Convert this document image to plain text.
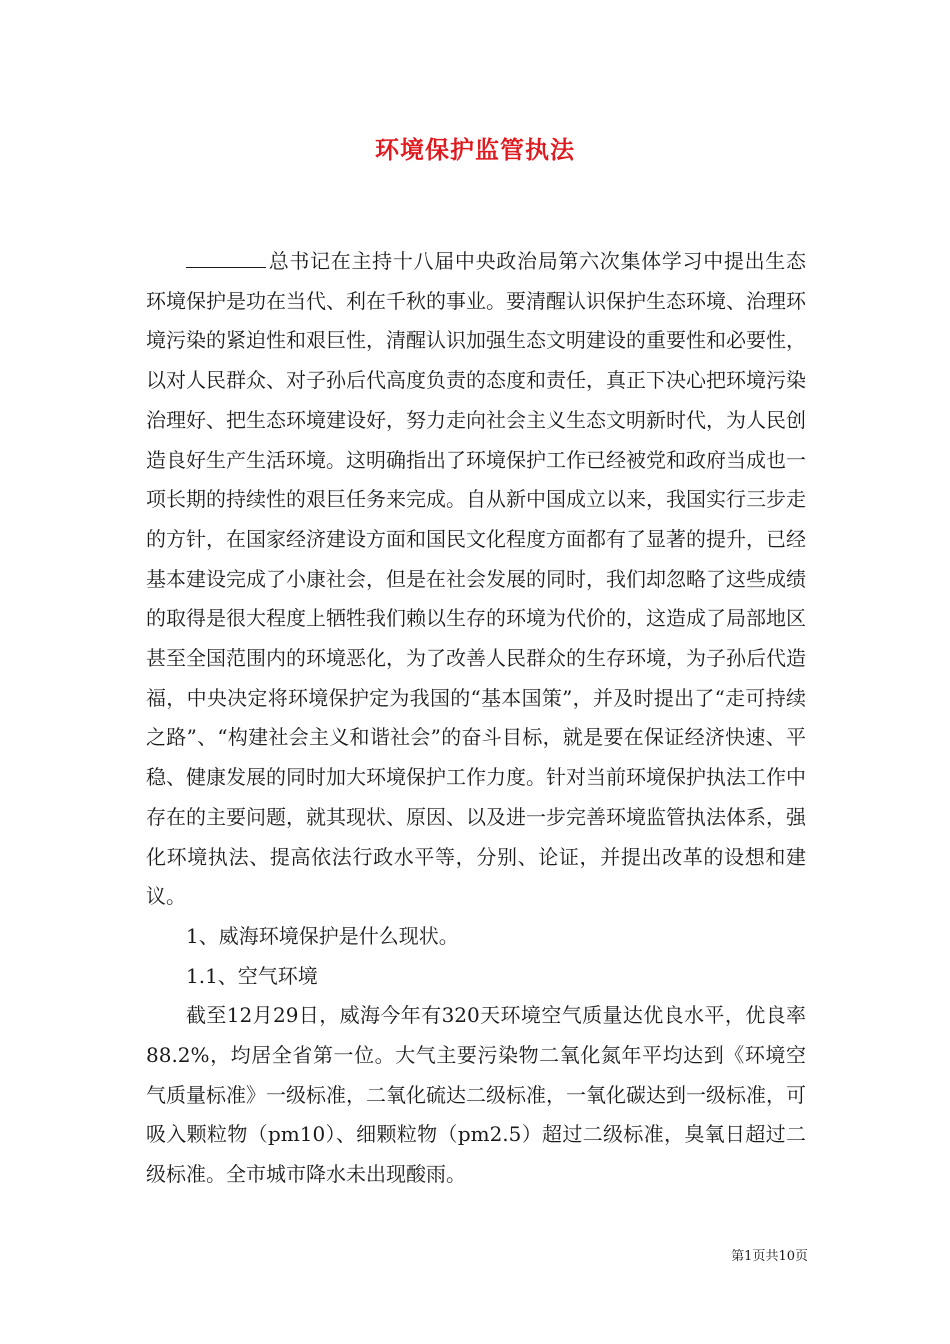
环境保护监管执法

总书记在主持十八届中央政治局第六次集体学习中提出生态环境保护是功在当代、利在千秋的事业。要清醒认识保护生态环境、治理环境污染的紧迫性和艰巨性，清醒认识加强生态文明建设的重要性和必要性，以对人民群众、对子孙后代高度负责的态度和责任，真正下决心把环境污染治理好、把生态环境建设好，努力走向社会主义生态文明新时代，为人民创造良好生产生活环境。这明确指出了环境保护工作已经被党和政府当成也一项长期的持续性的艰巨任务来完成。自从新中国成立以来，我国实行三步走的方针，在国家经济建设方面和国民文化程度方面都有了显著的提升，已经基本建设完成了小康社会，但是在社会发展的同时，我们却忽略了这些成绩的取得是很大程度上牺牲我们赖以生存的环境为代价的，这造成了局部地区甚至全国范围内的环境恶化，为了改善人民群众的生存环境，为子孙后代造福，中央决定将环境保护定为我国的“基本国策”，并及时提出了“走可持续之路”、“构建社会主义和谐社会”的奋斗目标，就是要在保证经济快速、平稳、健康发展的同时加大环境保护工作力度。针对当前环境保护执法工作中存在的主要问题，就其现状、原因、以及进一步完善环境监管执法体系，强化环境执法、提高依法行政水平等，分别、论证，并提出改革的设想和建议。

1、威海环境保护是什么现状。

1.1、空气环境

截至12月29日，威海今年有320天环境空气质量达优良水平，优良率88.2%，均居全省第一位。大气主要污染物二氧化氮年平均达到《环境空气质量标准》一级标准，二氧化硫达二级标准，一氧化碳达到一级标准，可吸入颗粒物（pm10）、细颗粒物（pm2.5）超过二级标准，臭氧日超过二级标准。全市城市降水未出现酸雨。

第1页共10页
